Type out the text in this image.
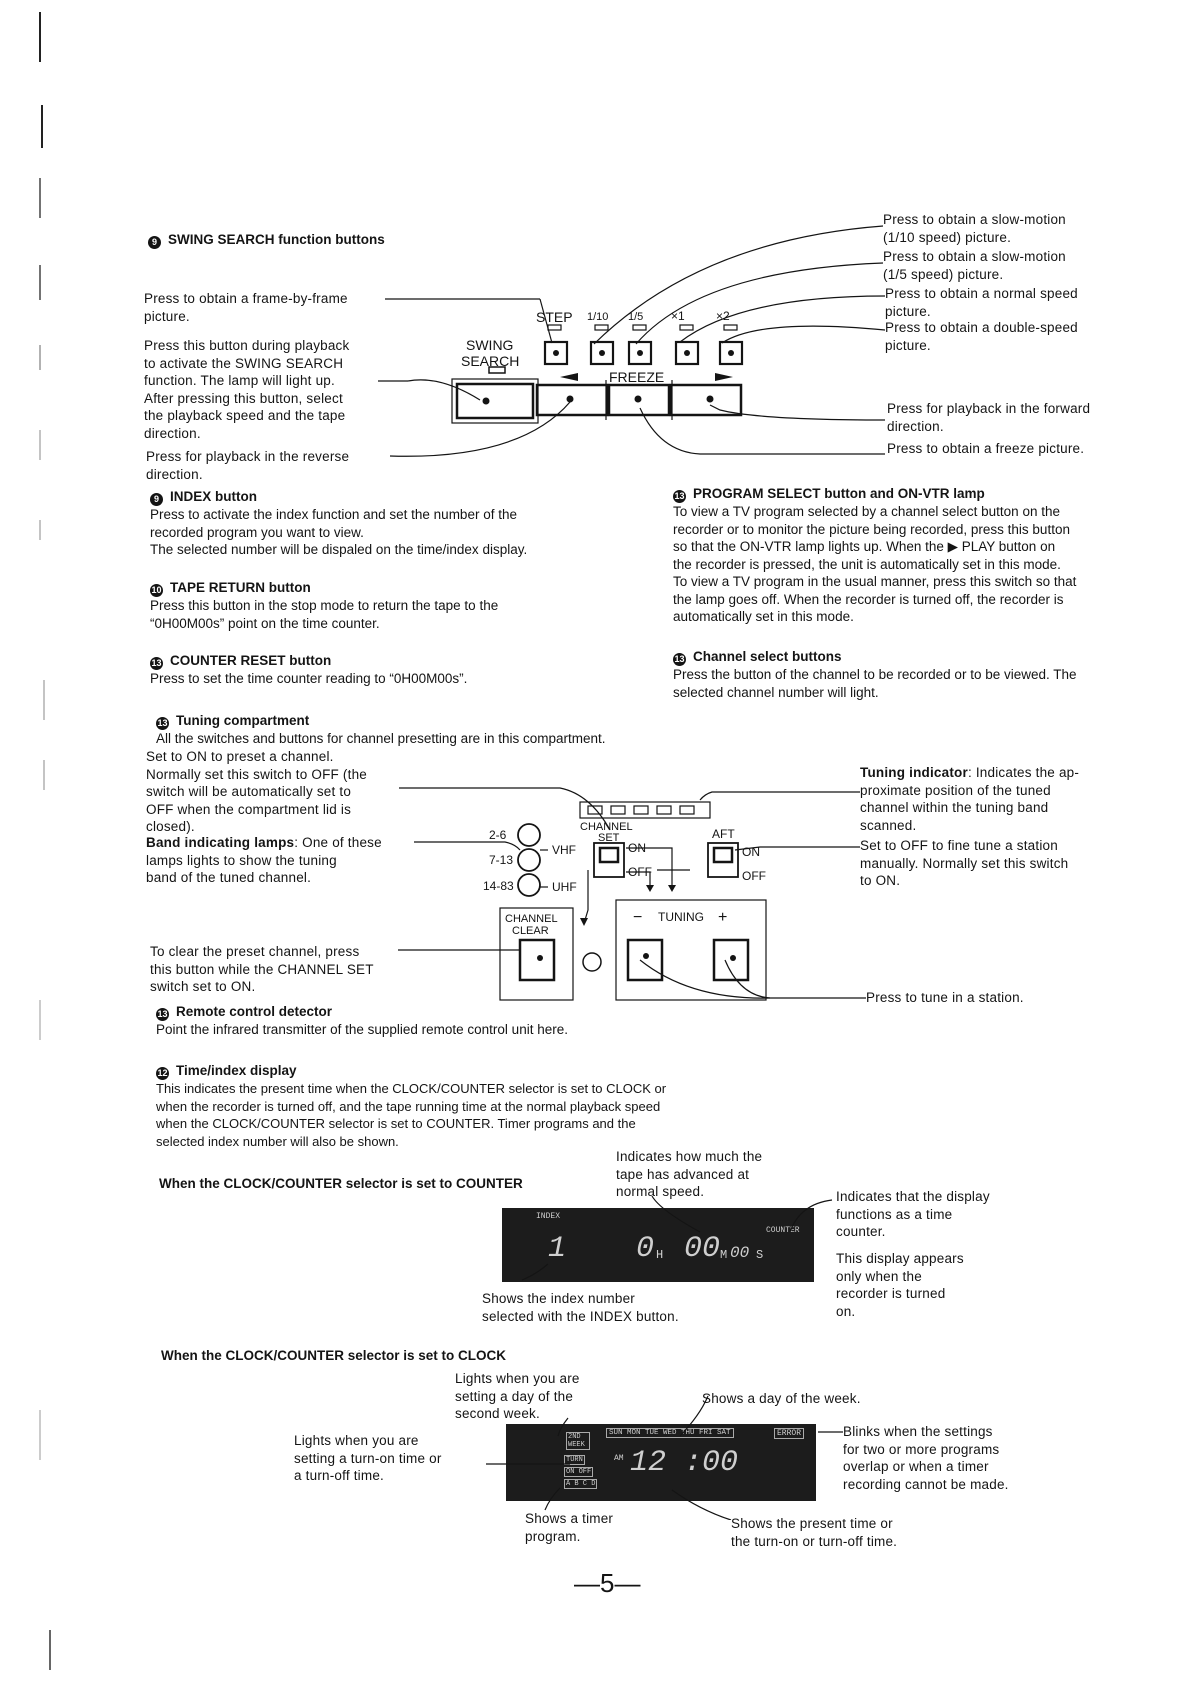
9 SWING SEARCH function buttons
Press to obtain a frame-by-frame
picture.
Press this button during playback
to activate the SWING SEARCH
function. The lamp will light up.
After pressing this button, select
the playback speed and the tape
direction.
Press for playback in the reverse
direction.
Press to obtain a slow-motion
(1/10 speed) picture.
Press to obtain a slow-motion
(1/5 speed) picture.
Press to obtain a normal speed
picture.
Press to obtain a double-speed
picture.
Press for playback in the forward
direction.
Press to obtain a freeze picture.
STEP 1/10 1/5 ×1	×2
SWING
SEARCH
FREEZE
9 INDEX button
Press to activate the index function and set the number of the
recorded program you want to view.
The selected number will be dispaled on the time/index display.
10 TAPE RETURN button
Press this button in the stop mode to return the tape to the
“0H00M00s” point on the time counter.
13 COUNTER RESET button
Press to set the time counter reading to “0H00M00s”.
13 PROGRAM SELECT button and ON-VTR lamp
To view a TV program selected by a channel select button on the
recorder or to monitor the picture being recorded, press this button
so that the ON-VTR lamp lights up. When the ▶ PLAY button on
the recorder is pressed, the unit is automatically set in this mode.
To view a TV program in the usual manner, press this switch so that
the lamp goes off. When the recorder is turned off, the recorder is
automatically set in this mode.
13 Channel select buttons
Press the button of the channel to be recorded or to be viewed. The
selected channel number will light.
13 Tuning compartment
All the switches and buttons for channel presetting are in this compartment.
Set to ON to preset a channel.
Normally set this switch to OFF (the
switch will be automatically set to
OFF when the compartment lid is
closed).
Band indicating lamps: One of these
lamps lights to show the tuning
band of the tuned channel.
To clear the preset channel, press
this button while the CHANNEL SET
switch set to ON.
Tuning indicator: Indicates the ap-
proximate position of the tuned
channel within the tuning band
scanned.
Set to OFF to fine tune a station
manually. Normally set this switch
to ON.
Press to tune in a station.
2-6
7-13
14-83
VHF
UHF
CHANNEL
SET
ON
OFF
AFT
ON
OFF
CHANNEL
CLEAR
− TUNING +
13 Remote control detector
Point the infrared transmitter of the supplied remote control unit here.
12 Time/index display
This indicates the present time when the CLOCK/COUNTER selector is set to CLOCK or
when the recorder is turned off, and the tape running time at the normal playback speed
when the CLOCK/COUNTER selector is set to COUNTER. Timer programs and the
selected index number will also be shown.
When the CLOCK/COUNTER selector is set to COUNTER
Indicates how much the
tape has advanced at
normal speed.	Indicates that the display
functions as a time
counter.
This display appears
only when the
recorder is turned
on.
Shows the index number
selected with the INDEX button.
INDEX
COUNTER
1 0 H 00 M 00 S
When the CLOCK/COUNTER selector is set to CLOCK
Lights when you are
setting a day of the
second week.
Shows a day of the week.
Lights when you are
setting a turn-on time or
a turn-off time.
Blinks when the settings
for two or more programs
overlap or when a timer
recording cannot be made.
Shows a timer
program.
Shows the present time or
the turn-on or turn-off time.
2ND WEEK
TURN
ON OFF
A B C D
SUN MON TUE WED THU FRI SAT	ERROR
AM 12 :00
—5—
